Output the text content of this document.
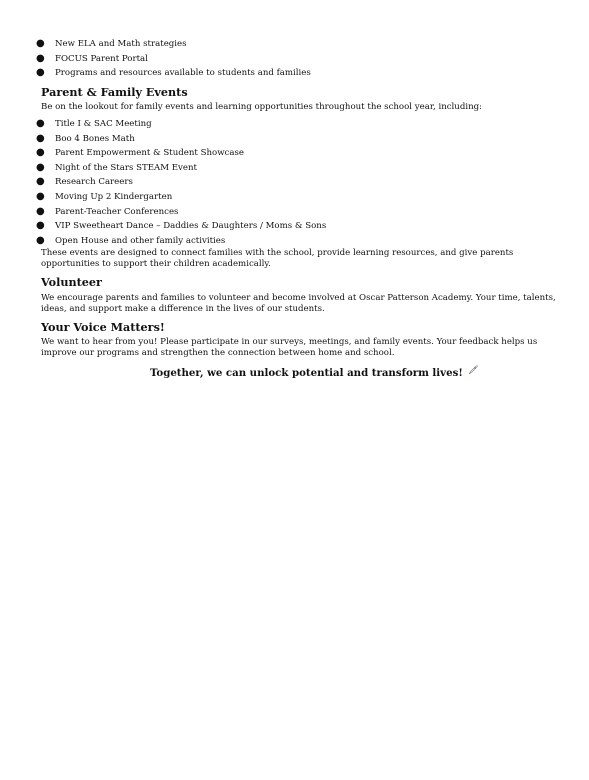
● New ELA and Math strategies
● FOCUS Parent Portal
● Programs and resources available to students and families
Parent & Family Events

Be on the lookout for family events and learning opportunities throughout the school year, including:

● Title I & SAC Meeting
● Boo 4 Bones Math
● Parent Empowerment & Student Showcase
● Night of the Stars STEAM Event
● Research Careers
● Moving Up 2 Kindergarten
● Parent-Teacher Conferences
● VIP Sweetheart Dance – Daddies & Daughters / Moms & Sons
● Open House and other family activities

These events are designed to connect families with the school, provide learning resources, and give parents opportunities to support their children academically.

Volunteer

We encourage parents and families to volunteer and become involved at Oscar Patterson Academy. Your time, talents, ideas, and support make a difference in the lives of our students.

Your Voice Matters!

We want to hear from you! Please participate in our surveys, meetings, and family events. Your feedback helps us improve our programs and strengthen the connection between home and school.

Together, we can unlock potential and transform lives!
